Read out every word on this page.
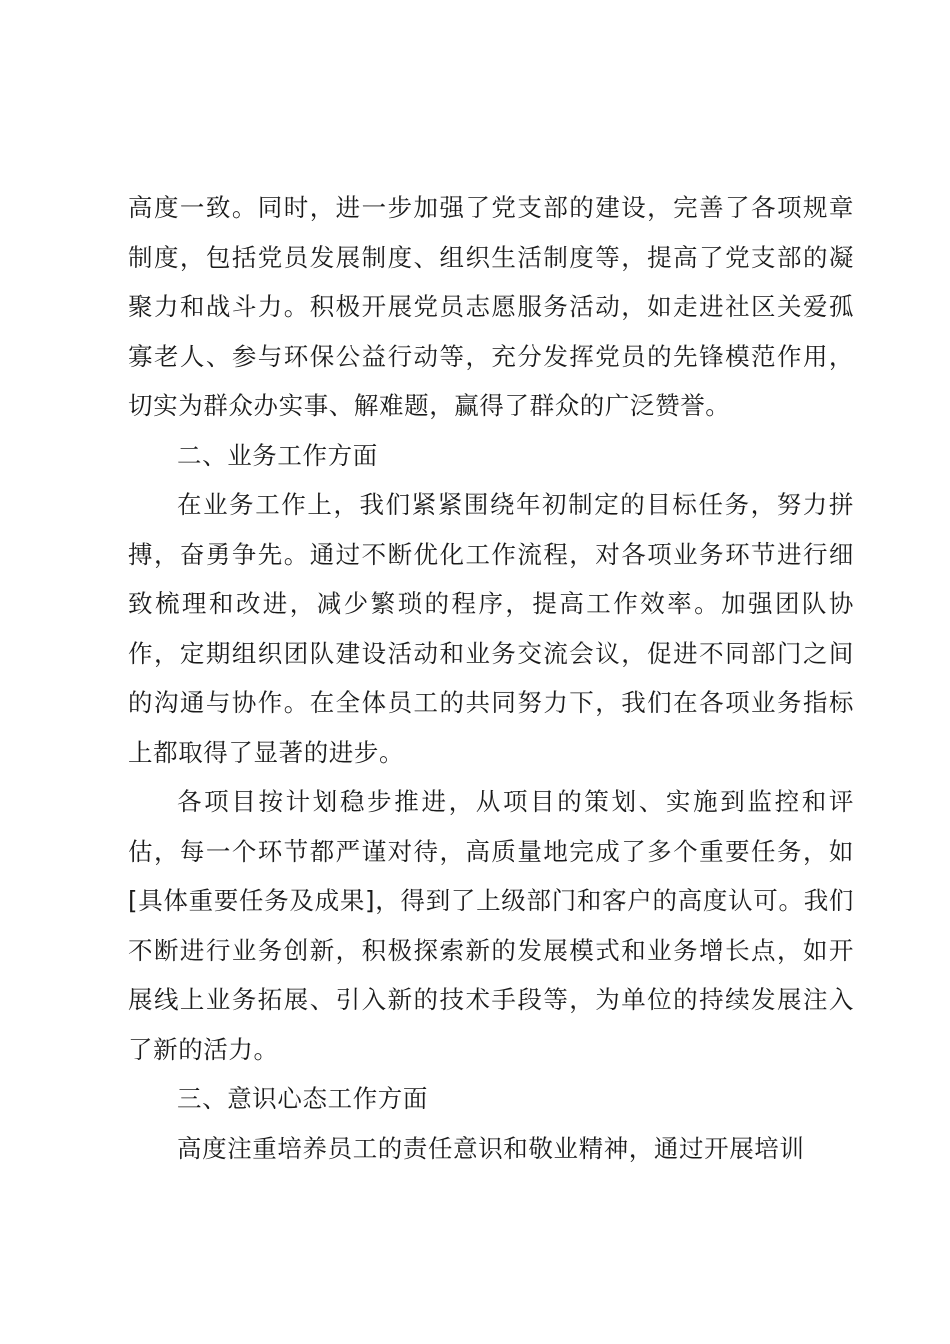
高度一致。同时，进一步加强了党支部的建设，完善了各项规章制度，包括党员发展制度、组织生活制度等，提高了党支部的凝聚力和战斗力。积极开展党员志愿服务活动，如走进社区关爱孤寡老人、参与环保公益行动等，充分发挥党员的先锋模范作用，切实为群众办实事、解难题，赢得了群众的广泛赞誉。

二、业务工作方面

在业务工作上，我们紧紧围绕年初制定的目标任务，努力拼搏，奋勇争先。通过不断优化工作流程，对各项业务环节进行细致梳理和改进，减少繁琐的程序，提高工作效率。加强团队协作，定期组织团队建设活动和业务交流会议，促进不同部门之间的沟通与协作。在全体员工的共同努力下，我们在各项业务指标上都取得了显著的进步。

各项目按计划稳步推进，从项目的策划、实施到监控和评估，每一个环节都严谨对待，高质量地完成了多个重要任务，如[具体重要任务及成果]，得到了上级部门和客户的高度认可。我们不断进行业务创新，积极探索新的发展模式和业务增长点，如开展线上业务拓展、引入新的技术手段等，为单位的持续发展注入了新的活力。

三、意识心态工作方面

高度注重培养员工的责任意识和敬业精神，通过开展培训
